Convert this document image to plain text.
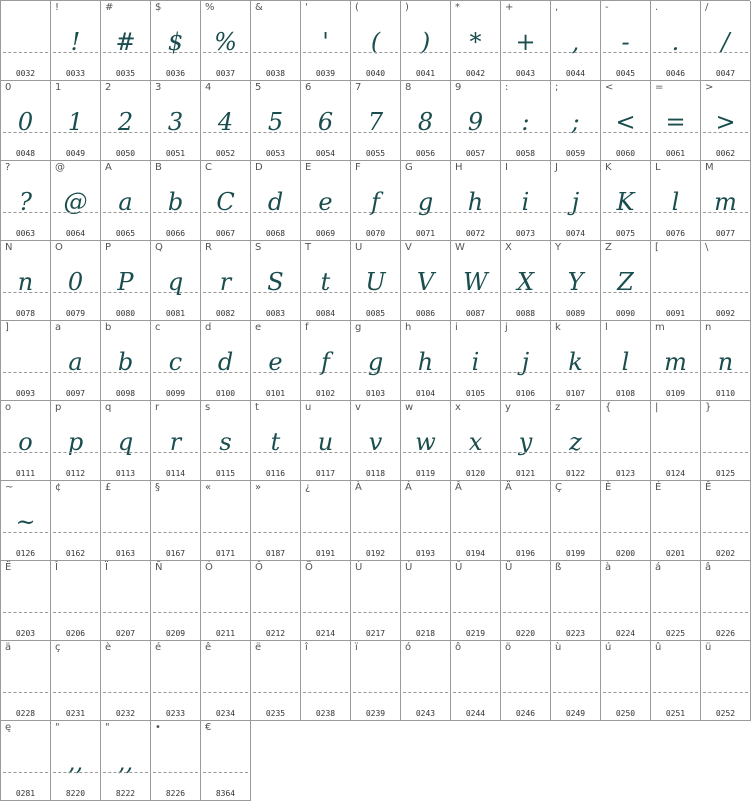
0032
!
!
0033
#
#
0035
$
$
0036
%
%
0037
&
0038
'
'
0039
(
(
0040
)
)
0041
*
*
0042
+
+
0043
,
,
0044
-
-
0045
.
.
0046
/
/
0047
0
0
0048
1
1
0049
2
2
0050
3
3
0051
4
4
0052
5
5
0053
6
6
0054
7
7
0055
8
8
0056
9
9
0057
:
:
0058
;
;
0059
<
<
0060
=
=
0061
>
>
0062
?
?
0063
@
@
0064
A
a
0065
B
b
0066
C
C
0067
D
d
0068
E
e
0069
F
f
0070
G
g
0071
H
h
0072
I
i
0073
J
j
0074
K
K
0075
L
l
0076
M
m
0077
N
n
0078
O
0
0079
P
P
0080
Q
q
0081
R
r
0082
S
S
0083
T
t
0084
U
U
0085
V
V
0086
W
W
0087
X
X
0088
Y
Y
0089
Z
Z
0090
[
0091
\
0092
]
0093
a
a
0097
b
b
0098
c
c
0099
d
d
0100
e
e
0101
f
f
0102
g
g
0103
h
h
0104
i
i
0105
j
j
0106
k
k
0107
l
l
0108
m
m
0109
n
n
0110
o
o
0111
p
p
0112
q
q
0113
r
r
0114
s
s
0115
t
t
0116
u
u
0117
v
v
0118
w
w
0119
x
x
0120
y
y
0121
z
z
0122
{
0123
|
0124
}
0125
~
~
0126
¢
0162
£
0163
§
0167
«
0171
»
0187
¿
0191
À
0192
Á
0193
Â
0194
Ä
0196
Ç
0199
È
0200
É
0201
Ê
0202
Ë
0203
Î
0206
Ï
0207
Ñ
0209
Ó
0211
Ô
0212
Ö
0214
Ù
0217
Ú
0218
Û
0219
Ü
0220
ß
0223
à
0224
á
0225
â
0226
ä
0228
ç
0231
è
0232
é
0233
ê
0234
ë
0235
î
0238
ï
0239
ó
0243
ô
0244
ö
0246
ù
0249
ú
0250
û
0251
ü
0252
ę
0281
"
,,
8220
"
,,
8222
•
8226
€
8364
